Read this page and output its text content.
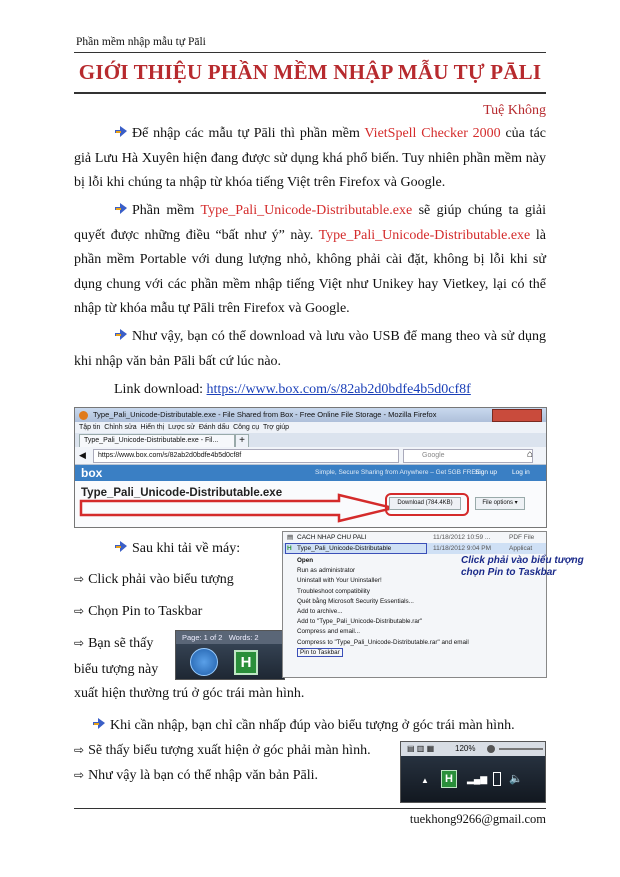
Phần mềm nhập mẫu tự Pāli
GIỚI THIỆU PHẦN MỀM NHẬP MẪU TỰ PĀLI
Tuệ Không
Để nhập các mẫu tự Pāli thì phần mềm VietSpell Checker 2000 của tác giả Lưu Hà Xuyên hiện đang được sử dụng khá phổ biến. Tuy nhiên phần mềm này bị lỗi khi chúng ta nhập từ khóa tiếng Việt trên Firefox và Google.
Phần mềm Type_Pali_Unicode-Distributable.exe sẽ giúp chúng ta giải quyết được những điều “bất như ý” này. Type_Pali_Unicode-Distributable.exe là phần mềm Portable với dung lượng nhỏ, không phải cài đặt, không bị lỗi khi sử dụng chung với các phần mềm nhập tiếng Việt như Unikey hay Vietkey, lại có thể nhập từ khóa mẫu tự Pāli trên Firefox và Google.
Như vậy, bạn có thể download và lưu vào USB để mang theo và sử dụng khi nhập văn bản Pāli bất cứ lúc nào.
Link download: https://www.box.com/s/82ab2d0bdfe4b5d0cf8f
Type_Pali_Unicode-Distributable.exe - File Shared from Box - Free Online File Storage - Mozilla Firefox
Tập tin Chỉnh sửa Hiển thị Lược sử Đánh dấu Công cụ Trợ giúp
Type_Pali_Unicode-Distributable.exe - Fil...	+
◀	https://www.box.com/s/82ab2d0bdfe4b5d0cf8f	Google	⌂
box	Simple, Secure Sharing from Anywhere – Get 5GB FREE
Sign up Log in
Type_Pali_Unicode-Distributable.exe
Download (784.4KB)	File options ▾
Sau khi tải về máy:
⇨ Click phải vào biểu tượng
⇨ Chọn Pin to Taskbar
⇨ Bạn sẽ thấy
biểu tượng này
xuất hiện thường trú ở góc trái màn hình.
Page: 1 of 2 Words: 2
H
▤ CACH NHAP CHU PALI	11/18/2012 10:59 ...	PDF File
H Type_Pali_Unicode-Distributable	11/18/2012 9:04 PM	Applicat
Click phải vào biểu tượng chọn Pin to Taskbar
Open
Run as administrator
Uninstall with Your Uninstaller!
Troubleshoot compatibility
Quét bằng Microsoft Security Essentials...
Add to archive...
Add to "Type_Pali_Unicode-Distributable.rar"
Compress and email...
Compress to "Type_Pali_Unicode-Distributable.rar" and email
Pin to Taskbar
Khi cần nhập, bạn chỉ cần nhấp đúp vào biểu tượng ở góc trái màn hình.
⇨ Sẽ thấy biểu tượng xuất hiện ở góc phải màn hình.
⇨ Như vậy là bạn có thể nhập văn bản Pāli.
▤ ▥ ▦	120%
▲	H	▂▄▆ 🔈
tuekhong9266@gmail.com
